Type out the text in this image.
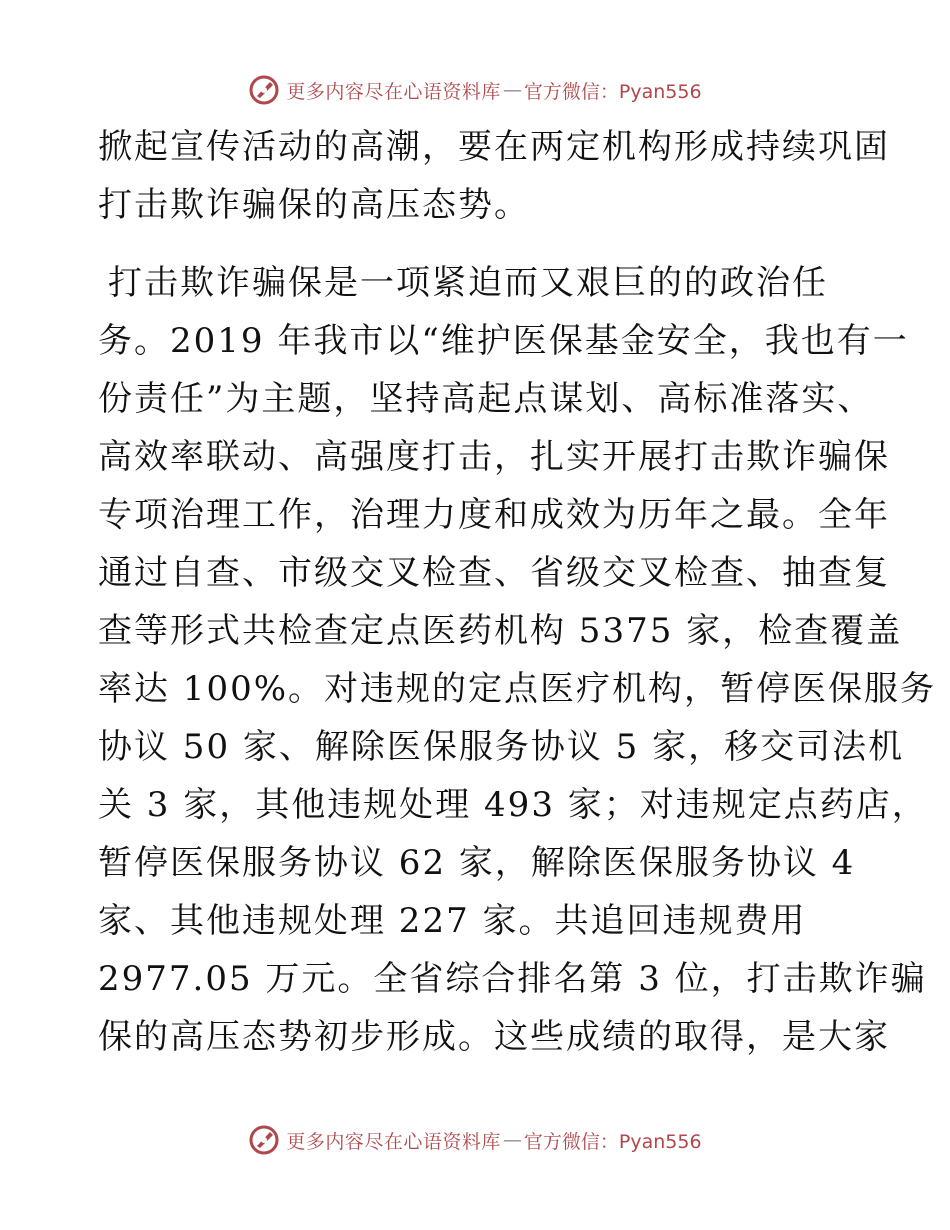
更多内容尽在心语资料库 — 官方微信：Pyan556
掀起宣传活动的高潮，要在两定机构形成持续巩固
打击欺诈骗保的高压态势。
打击欺诈骗保是一项紧迫而又艰巨的的政治任
务。2019 年我市以“维护医保基金安全，我也有一
份责任”为主题，坚持高起点谋划、高标准落实、
高效率联动、高强度打击，扎实开展打击欺诈骗保
专项治理工作，治理力度和成效为历年之最。全年
通过自查、市级交叉检查、省级交叉检查、抽查复
查等形式共检查定点医药机构 5375 家，检查覆盖
率达 100%。对违规的定点医疗机构，暂停医保服务
协议 50 家、解除医保服务协议 5 家，移交司法机
关 3 家，其他违规处理 493 家；对违规定点药店，
暂停医保服务协议 62 家，解除医保服务协议 4
家、其他违规处理 227 家。共追回违规费用
2977.05 万元。全省综合排名第 3 位，打击欺诈骗
保的高压态势初步形成。这些成绩的取得，是大家
更多内容尽在心语资料库 — 官方微信：Pyan556
